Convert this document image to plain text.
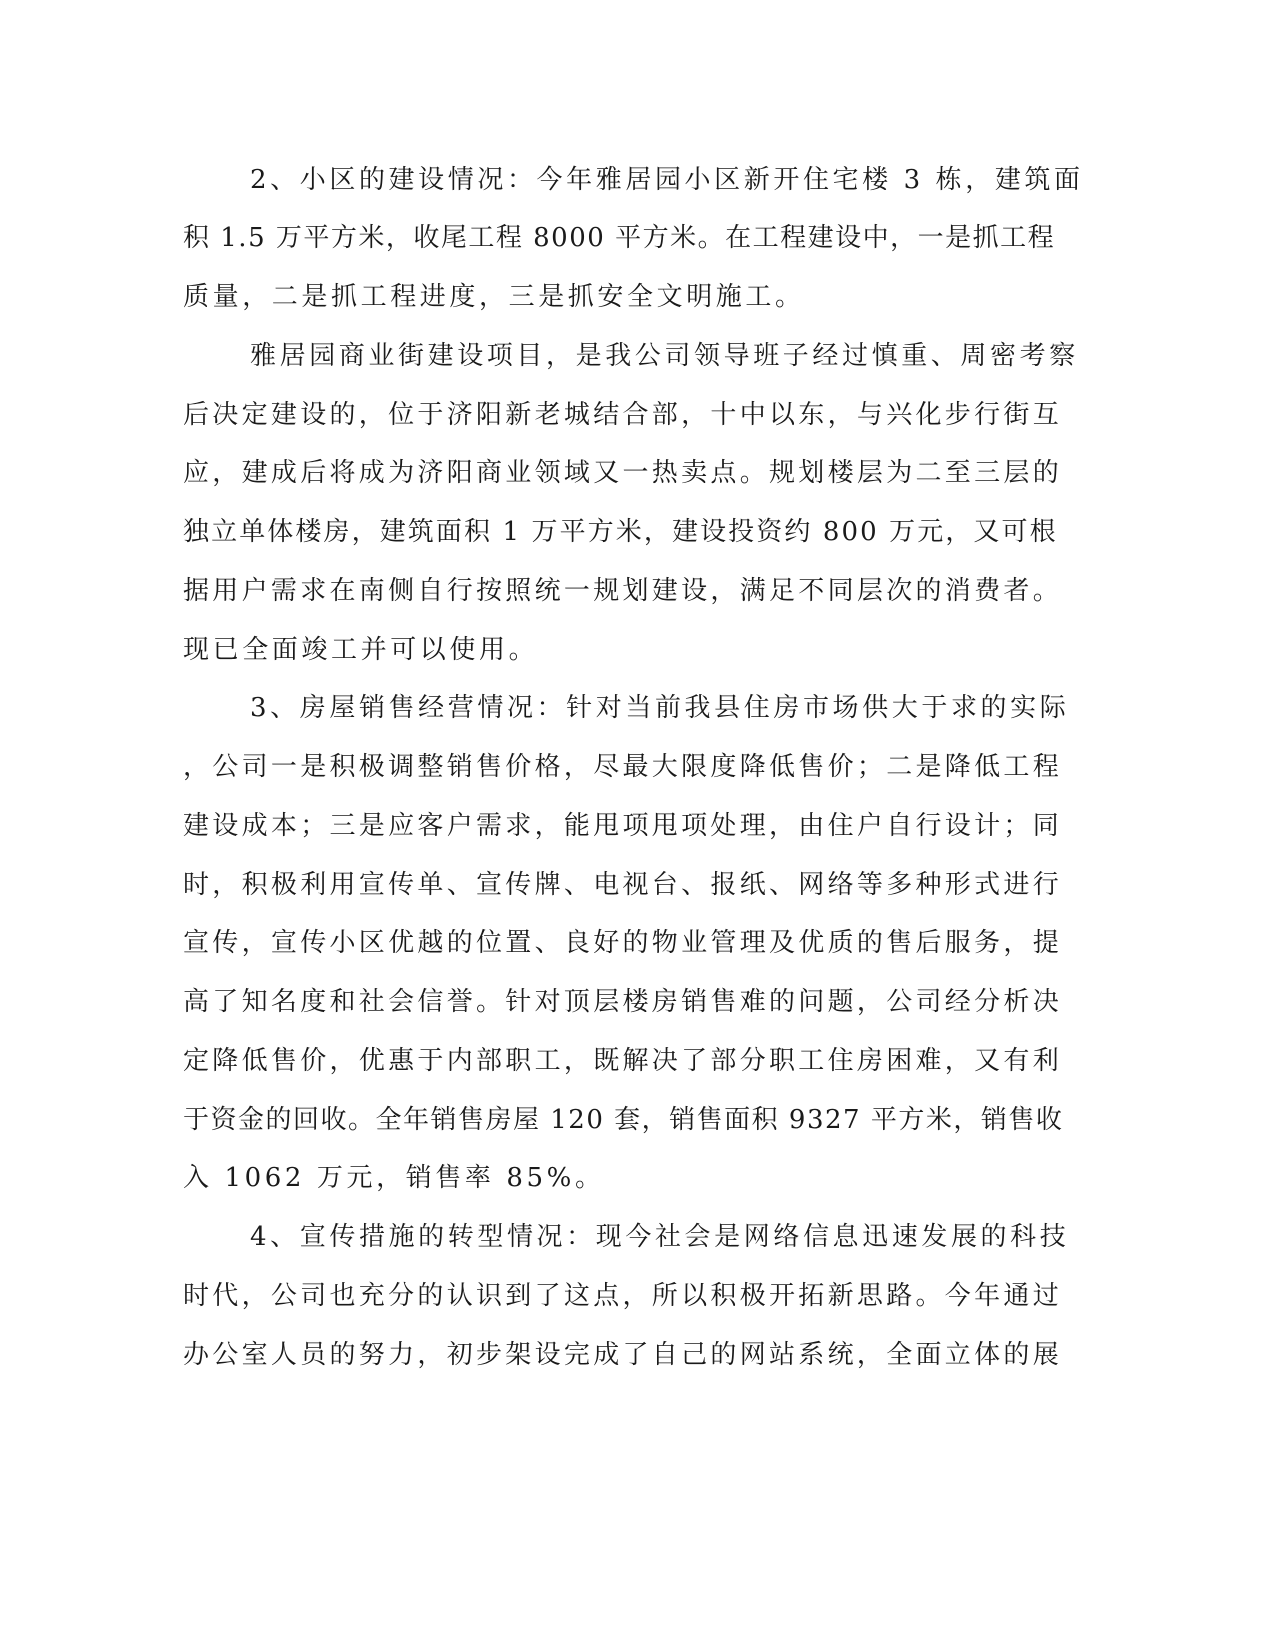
2、小区的建设情况：今年雅居园小区新开住宅楼 3 栋，建筑面
积 1.5 万平方米，收尾工程 8000 平方米。在工程建设中，一是抓工程
质量，二是抓工程进度，三是抓安全文明施工。
雅居园商业街建设项目，是我公司领导班子经过慎重、周密考察
后决定建设的，位于济阳新老城结合部，十中以东，与兴化步行街互
应，建成后将成为济阳商业领域又一热卖点。规划楼层为二至三层的
独立单体楼房，建筑面积 1 万平方米，建设投资约 800 万元，又可根
据用户需求在南侧自行按照统一规划建设，满足不同层次的消费者。
现已全面竣工并可以使用。
3、房屋销售经营情况：针对当前我县住房市场供大于求的实际
，公司一是积极调整销售价格，尽最大限度降低售价；二是降低工程
建设成本；三是应客户需求，能甩项甩项处理，由住户自行设计；同
时，积极利用宣传单、宣传牌、电视台、报纸、网络等多种形式进行
宣传，宣传小区优越的位置、良好的物业管理及优质的售后服务，提
高了知名度和社会信誉。针对顶层楼房销售难的问题，公司经分析决
定降低售价，优惠于内部职工，既解决了部分职工住房困难，又有利
于资金的回收。全年销售房屋 120 套，销售面积 9327 平方米，销售收
入 1062 万元，销售率 85%。
4、宣传措施的转型情况：现今社会是网络信息迅速发展的科技
时代，公司也充分的认识到了这点，所以积极开拓新思路。今年通过
办公室人员的努力，初步架设完成了自己的网站系统，全面立体的展
